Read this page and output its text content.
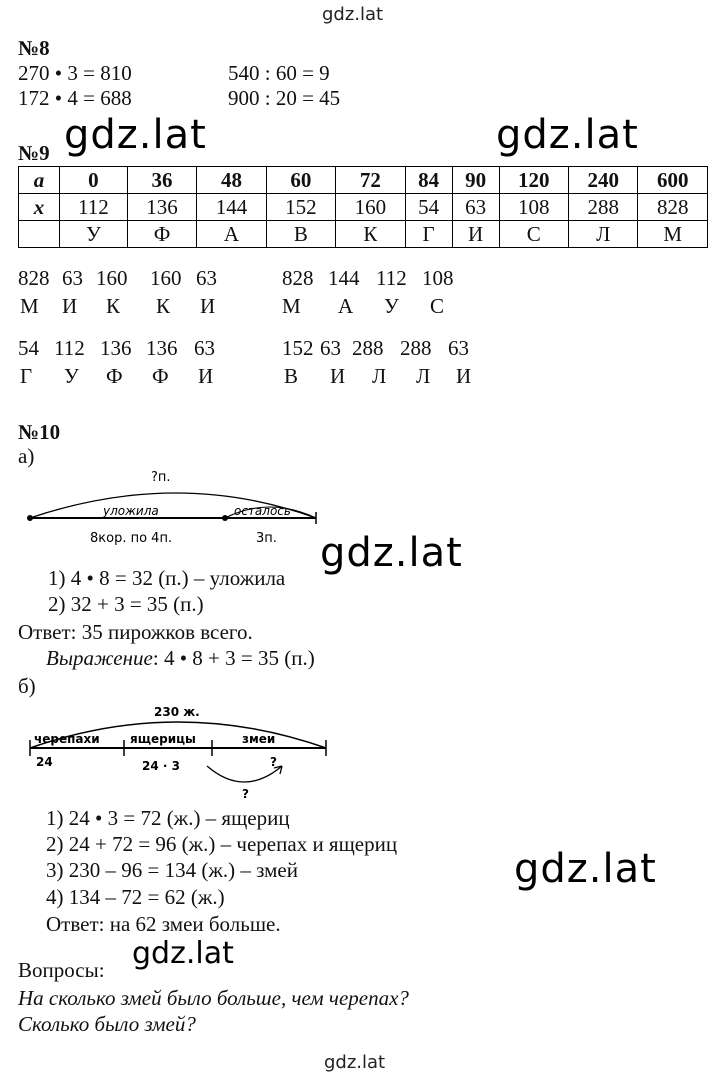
gdz.lat
№8
270 • 3 = 810	540 : 60 = 9
172 • 4 = 688	900 : 20 = 45
gdz.lat	gdz.lat
№9
a	0	36	48	60	72	84	90	120	240	600
x	112	136	144	152	160	54	63	108	288	828
	У	Ф	А	В	К	Г	И	С	Л	М
828 63 160 160 63
М И К К И
828 144 112 108
М А У С
54 112 136 136 63
Г У Ф Ф И
152 63 288 288 63
В И Л Л И
№10
а)
?п.
уложила	осталось
8кор. по 4п.	3п. gdz.lat
1) 4 • 8 = 32 (п.) – уложила
2) 32 + 3 = 35 (п.)
Ответ: 35 пирожков всего.
Выражение: 4 • 8 + 3 = 35 (п.)
б)
230 ж.
черепахи	ящерицы	змеи
24	24 · 3	?
?
1) 24 • 3 = 72 (ж.) – ящериц
2) 24 + 72 = 96 (ж.) – черепах и ящериц
3) 230 – 96 = 134 (ж.) – змей
4) 134 – 72 = 62 (ж.)
Ответ: на 62 змеи больше.
gdz.lat
Вопросы: gdz.lat
На сколько змей было больше, чем черепах?
Сколько было змей?
gdz.lat
